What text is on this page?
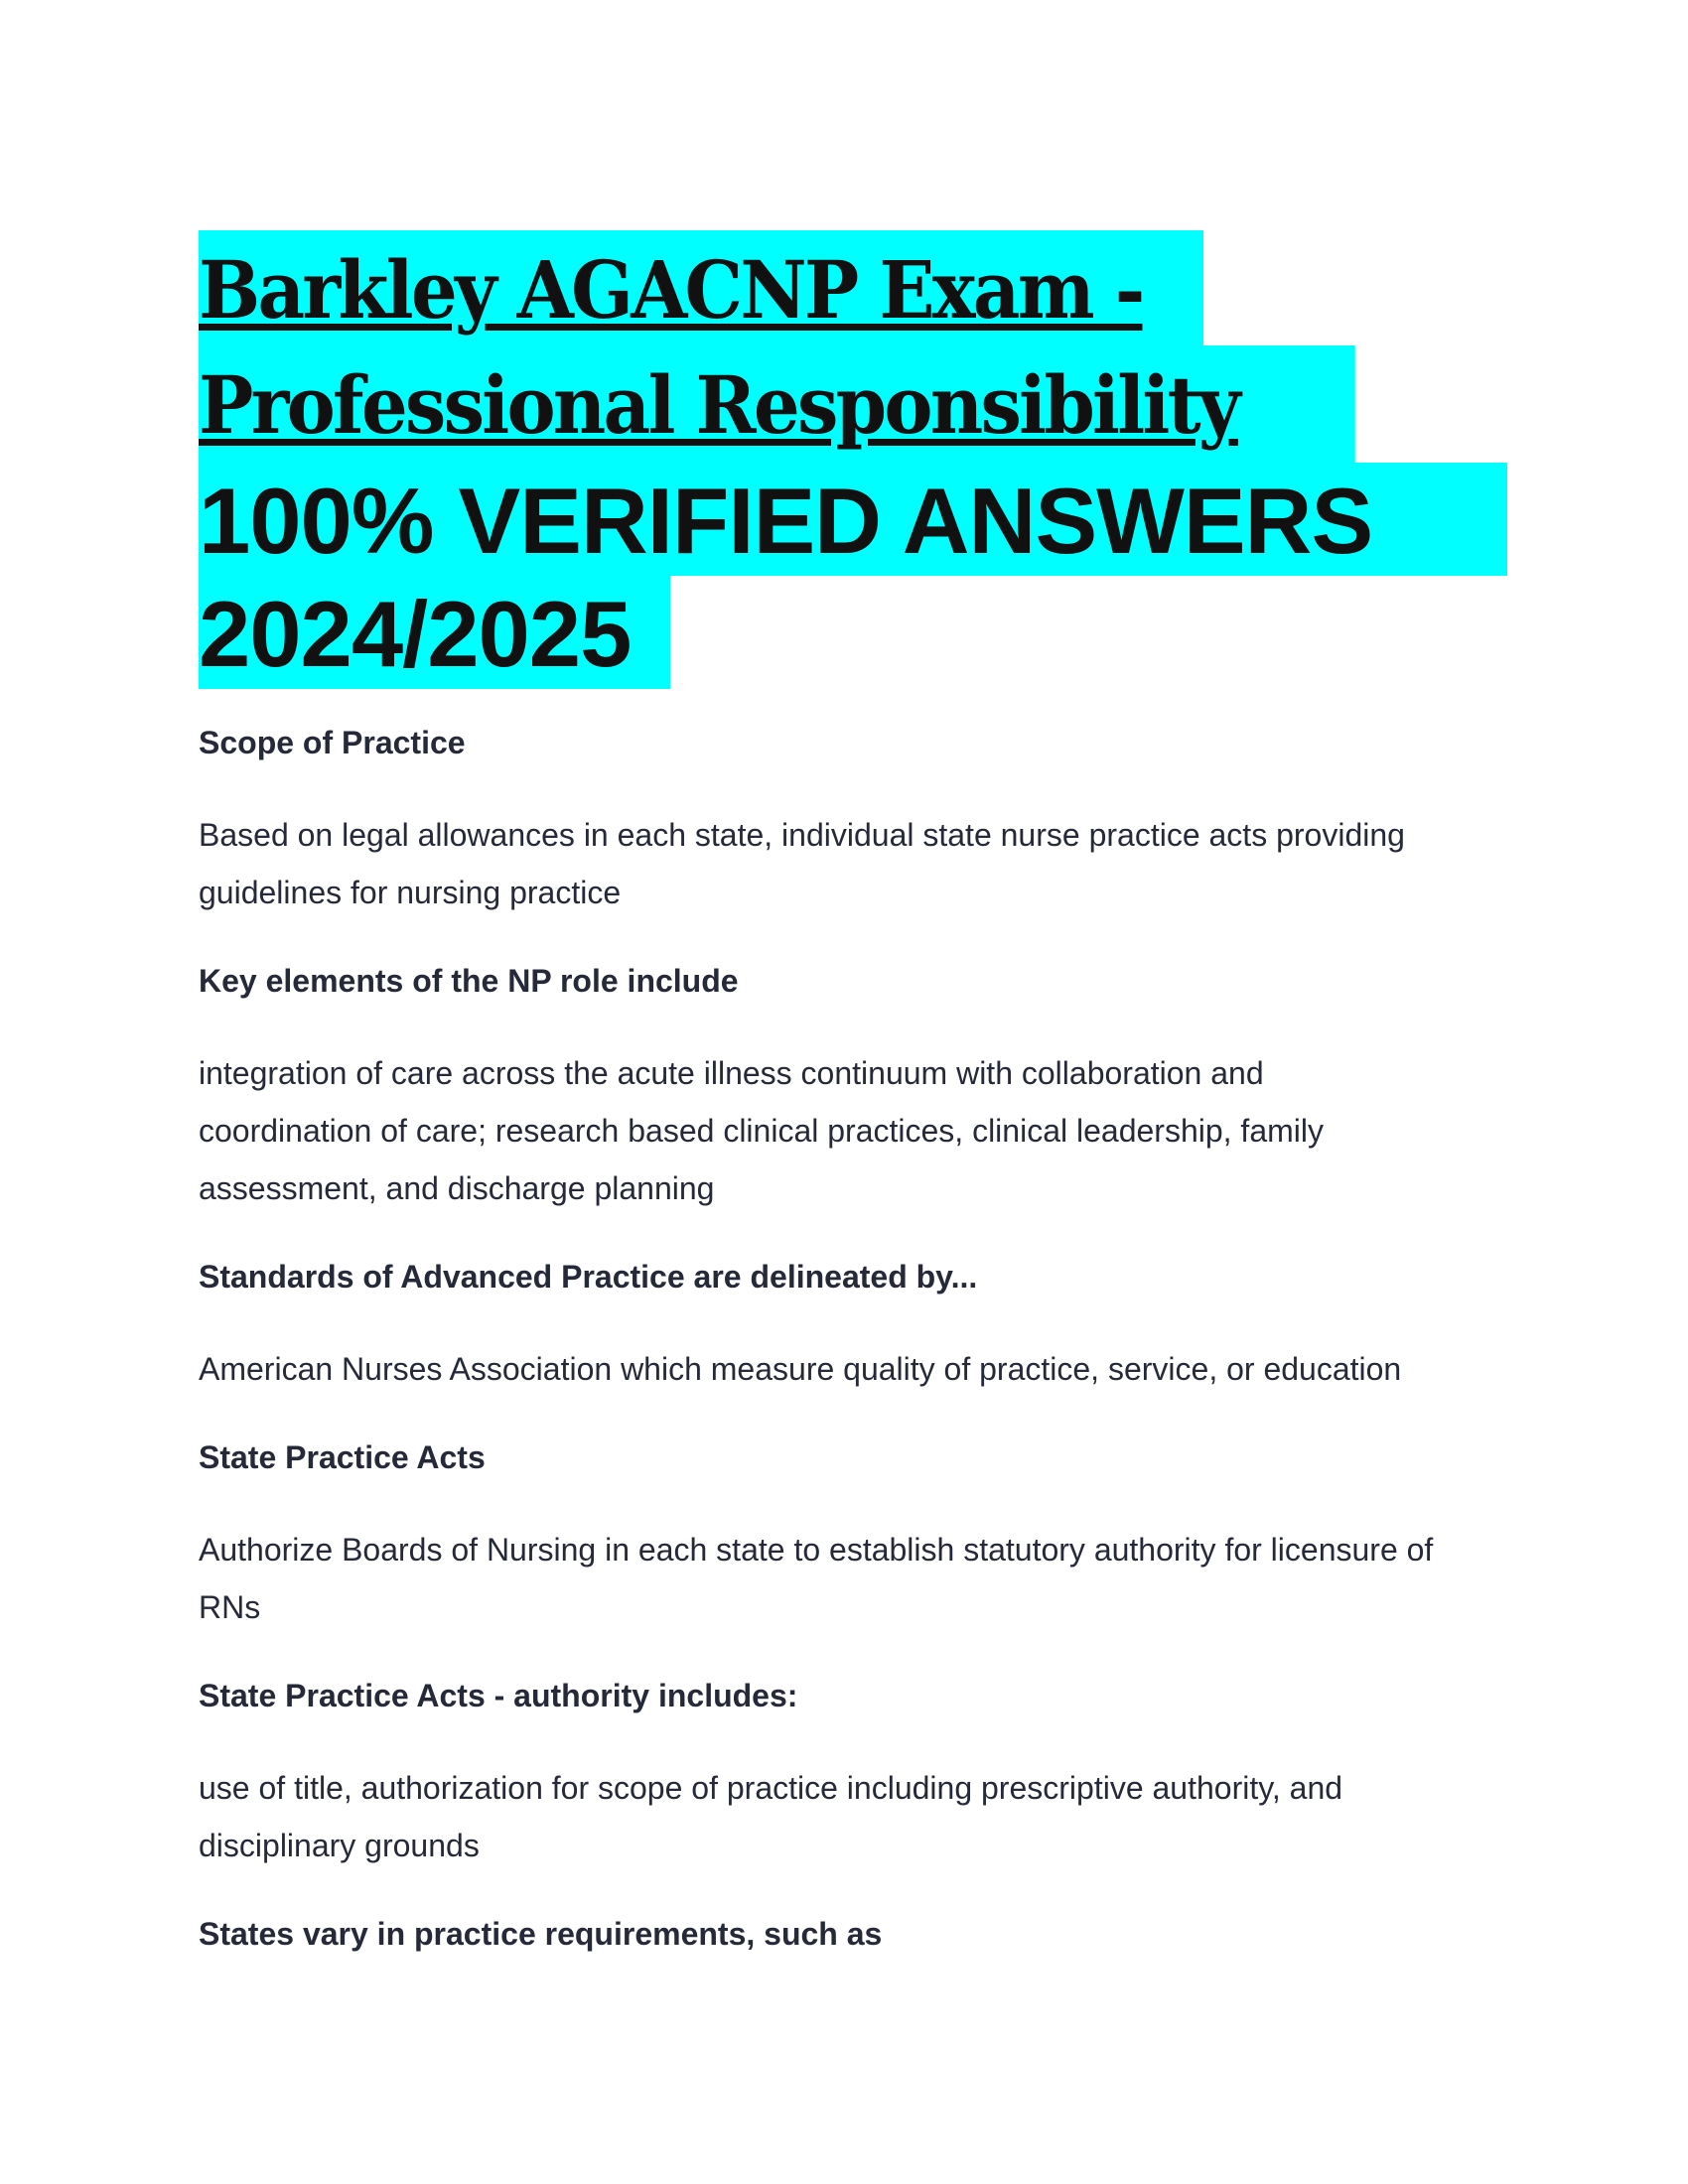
Barkley AGACNP Exam -
Professional Responsibility
100% VERIFIED ANSWERS
2024/2025
Scope of Practice
Based on legal allowances in each state, individual state nurse practice acts providing
guidelines for nursing practice
Key elements of the NP role include
integration of care across the acute illness continuum with collaboration and
coordination of care; research based clinical practices, clinical leadership, family
assessment, and discharge planning
Standards of Advanced Practice are delineated by...
American Nurses Association which measure quality of practice, service, or education
State Practice Acts
Authorize Boards of Nursing in each state to establish statutory authority for licensure of
RNs
State Practice Acts - authority includes:
use of title, authorization for scope of practice including prescriptive authority, and
disciplinary grounds
States vary in practice requirements, such as
